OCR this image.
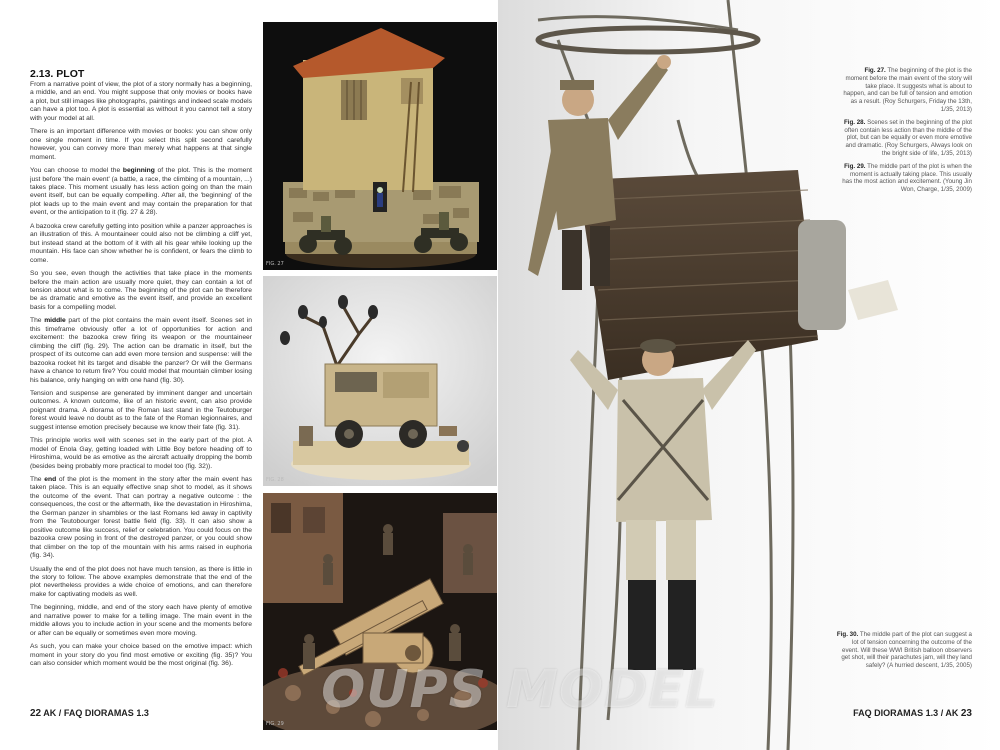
2.13. PLOT

From a narrative point of view, the plot of a story normally has a beginning, a middle, and an end. You might suppose that only movies or books have a plot, but still images like photographs, paintings and indeed scale models can have a plot too. A plot is essential as without it you cannot tell a story with your model at all.

There is an important difference with movies or books: you can show only one single moment in time. If you select this split second carefully however, you can convey more than merely what happens at that single moment.

You can choose to model the beginning of the plot. This is the moment just before 'the main event' (a battle, a race, the climbing of a mountain, ...) takes place. This moment usually has less action going on than the main event itself, but can be equally compelling. After all, the 'beginning' of the plot leads up to the main event and may contain the preparation for that event, or the anticipation to it (fig. 27 & 28).

A bazooka crew carefully getting into position while a panzer approaches is an illustration of this. A mountaineer could also not be climbing a cliff yet, but instead stand at the bottom of it with all his gear while looking up the mountain. His face can show whether he is confident, or fears the climb to come.

So you see, even though the activities that take place in the moments before the main action are usually more quiet, they can contain a lot of tension about what is to come. The beginning of the plot can be therefore be as dramatic and emotive as the event itself, and provide an excellent basis for a compelling model.

The middle part of the plot contains the main event itself. Scenes set in this timeframe obviously offer a lot of opportunities for action and excitement: the bazooka crew firing its weapon or the mountaineer climbing the cliff (fig. 29). The action can be dramatic in itself, but the prospect of its outcome can add even more tension and suspense: will the bazooka rocket hit its target and disable the panzer? Or will the Germans have a chance to return fire? You could model that mountain climber losing his balance, only hanging on with one hand (fig. 30).

Tension and suspense are generated by imminent danger and uncertain outcomes. A known outcome, like of an historic event, can also provide poignant drama. A diorama of the Roman last stand in the Teutoburger forest would leave no doubt as to the fate of the Roman legionnaires, and suggest intense emotion precisely because we know their fate (fig. 31).

This principle works well with scenes set in the early part of the plot. A model of Enola Gay, getting loaded with Little Boy before heading off to Hiroshima, would be as emotive as the aircraft actually dropping the bomb (besides being probably more practical to model too (fig. 32)).

The end of the plot is the moment in the story after the main event has taken place. This is an equally effective snap shot to model, as it shows the outcome of the event. That can portray a negative outcome : the consequences, the cost or the aftermath, like the devastation in Hiroshima, the German panzer in shambles or the last Romans led away in captivity from the Teutobourger forest battle field (fig. 33). It can also show a positive outcome like success, relief or celebration. You could focus on the bazooka crew posing in front of the destroyed panzer, or you could show that climber on the top of the mountain with his arms raised in euphoria (fig. 34).

Usually the end of the plot does not have much tension, as there is little in the story to follow. The above examples demonstrate that the end of the plot nevertheless provides a wide choice of emotions, and can therefore make for captivating models as well.

The beginning, middle, and end of the story each have plenty of emotive and narrative power to make for a telling image. The main event in the middle allows you to include action in your scene and the moments before or after can be equally or sometimes even more moving.

As such, you can make your choice based on the emotive impact: which moment in your story do you find most emotive or exciting (fig. 35)? You can also consider which moment would be the most original (fig. 36).

FIG. 27
FIG. 28
FIG. 29

Fig. 27. The beginning of the plot is the moment before the main event of the story will take place. It suggests what is about to happen, and can be full of tension and emotion as a result. (Roy Schurgers, Friday the 13th, 1/35, 2013)

Fig. 28. Scenes set in the beginning of the plot often contain less action than the middle of the plot, but can be equally or even more emotive and dramatic. (Roy Schurgers, Always look on the bright side of life, 1/35, 2013)

Fig. 29. The middle part of the plot is when the moment is actually taking place. This usually has the most action and excitement. (Young Jin Won, Charge, 1/35, 2009)

Fig. 30. The middle part of the plot can suggest a lot of tension concerning the outcome of the event. Will these WWI British balloon observers get shot, will their parachutes jam, will they land safely? (A hurried descent, 1/35, 2005)
22 AK / FAQ DIORAMAS 1.3	FAQ DIORAMAS 1.3 / AK 23
OUPS MODEL
